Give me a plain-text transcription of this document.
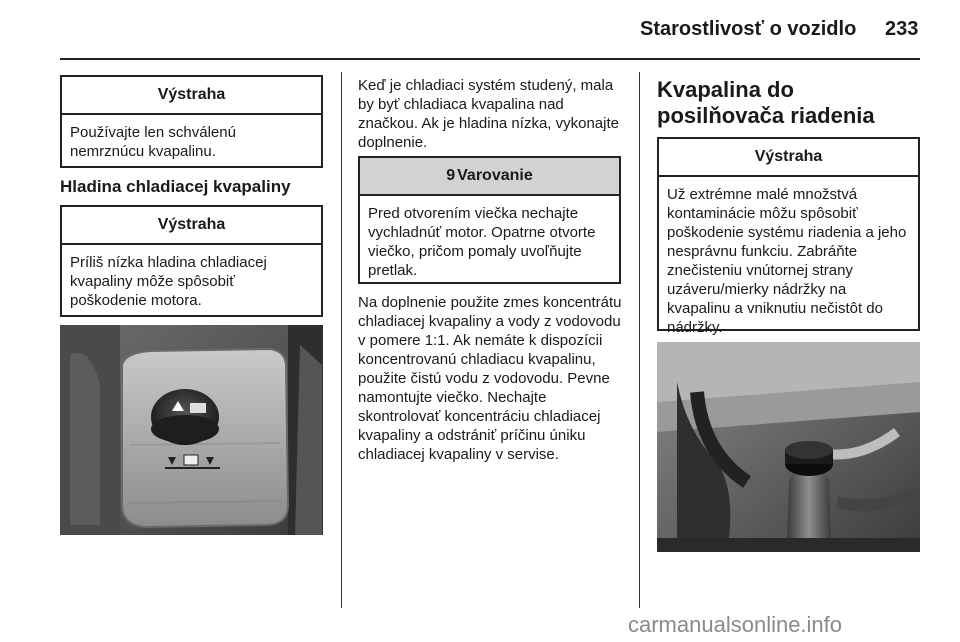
Starostlivosť o vozidlo 233
Výstraha
Používajte len schválenú nemrznúcu kvapalinu.
Hladina chladiacej kvapaliny
Výstraha
Príliš nízka hladina chladiacej kvapaliny môže spôsobiť poškodenie motora.
Keď je chladiaci systém studený, mala by byť chladiaca kvapalina nad značkou. Ak je hladina nízka, vykonajte doplnenie.
9 Varovanie
Pred otvorením viečka nechajte vychladnúť motor. Opatrne otvorte viečko, pričom pomaly uvoľňujte pretlak.
Na doplnenie použite zmes koncentrátu chladiacej kvapaliny a vody z vodovodu v pomere 1:1. Ak nemáte k dispozícii koncentrovanú chladiacu kvapalinu, použite čistú vodu z vodovodu. Pevne namontujte viečko. Nechajte skontrolovať koncentráciu chladiacej kvapaliny a odstrániť príčinu úniku chladiacej kvapaliny v servise.
Kvapalina do posilňovača riadenia
Výstraha
Už extrémne malé množstvá kontaminácie môžu spôsobiť poškodenie systému riadenia a jeho nesprávnu funkciu. Zabráňte znečisteniu vnútornej strany uzáveru/mierky nádržky na kvapalinu a vniknutiu nečistôt do nádržky.
carmanualsonline.info
